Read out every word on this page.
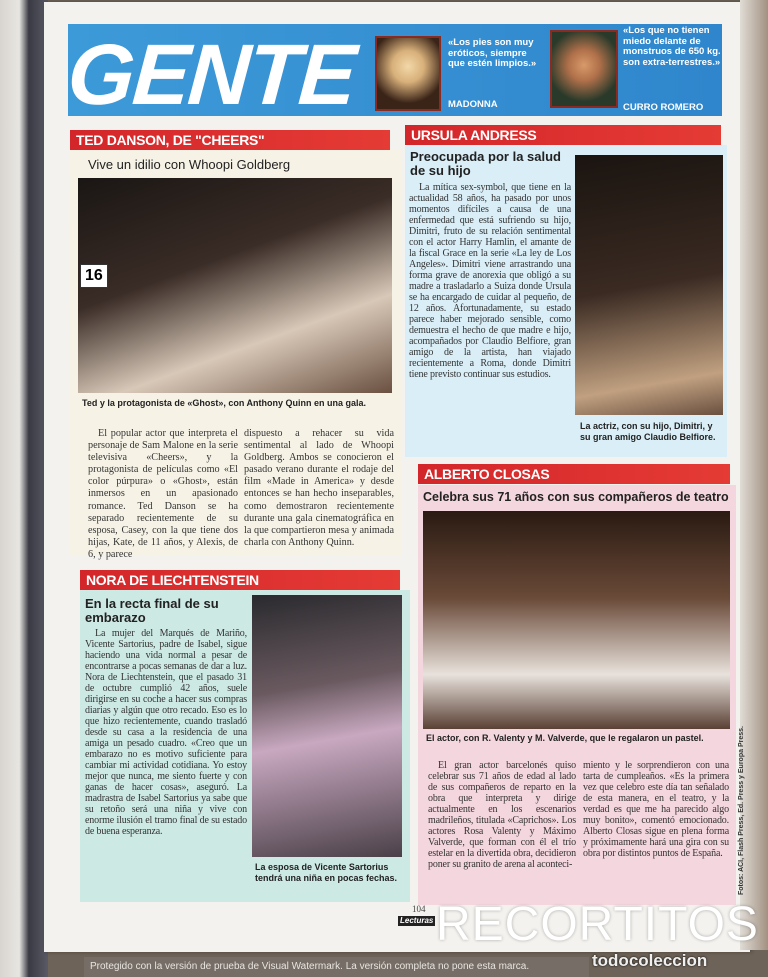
GENTE	«Los pies son muy eróticos, siempre que estén limpios.»
MADONNA
«Los que no tienen miedo delante de monstruos de 650 kg. son extra-terrestres.»
CURRO ROMERO
TED DANSON, DE "CHEERS"
Vive un idilio con Whoopi Goldberg
16
Ted y la protagonista de «Ghost», con Anthony Quinn en una gala.
El popular actor que interpreta el personaje de Sam Malone en la serie televisiva «Cheers», y la protagonista de películas como «El color púrpura» o «Ghost», están inmersos en un apasionado romance. Ted Danson se ha separado recientemente de su esposa, Casey, con la que tiene dos hijas, Kate, de 11 años, y Alexis, de 6, y parece
dispuesto a rehacer su vida sentimental al lado de Whoopi Goldberg. Ambos se conocieron el pasado verano durante el rodaje del film «Made in America» y desde entonces se han hecho inseparables, como demostraron recientemente durante una gala cinematográfica en la que compartieron mesa y animada charla con Anthony Quinn.
URSULA ANDRESS
Preocupada por la salud de su hijo
La mítica sex-symbol, que tiene en la actualidad 58 años, ha pasado por unos momentos difíciles a causa de una enfermedad que está sufriendo su hijo, Dimitri, fruto de su relación sentimental con el actor Harry Hamlin, el amante de la fiscal Grace en la serie «La ley de Los Angeles». Dimitri viene arrastrando una forma grave de anorexia que obligó a su madre a trasladarlo a Suiza donde Ursula se ha encargado de cuidar al pequeño, de 12 años. Afortunadamente, su estado parece haber mejorado sensible, como demuestra el hecho de que madre e hijo, acompañados por Claudio Belfiore, gran amigo de la artista, han viajado recientemente a Roma, donde Dimitri tiene previsto continuar sus estudios.
La actriz, con su hijo, Dimitri, y su gran amigo Claudio Belfiore.
ALBERTO CLOSAS
Celebra sus 71 años con sus compañeros de teatro
El actor, con R. Valenty y M. Valverde, que le regalaron un pastel.
El gran actor barcelonés quiso celebrar sus 71 años de edad al lado de sus compañeros de reparto en la obra que interpreta y dirige actualmente en los escenarios madrileños, titulada «Caprichos». Los actores Rosa Valenty y Máximo Valverde, que forman con él el trío estelar en la divertida obra, decidieron poner su granito de arena al aconteci-
miento y le sorprendieron con una tarta de cumpleaños. «Es la primera vez que celebro este día tan señalado de esta manera, en el teatro, y la verdad es que me ha parecido algo muy bonito», comentó emocionado. Alberto Closas sigue en plena forma y próximamente hará una gira con su obra por distintos puntos de España.	Fotos: ACI, Flash Press, Ed. Press y Europa Press.
NORA DE LIECHTENSTEIN
En la recta final de su embarazo
La mujer del Marqués de Mariño, Vicente Sartorius, padre de Isabel, sigue haciendo una vida normal a pesar de encontrarse a pocas semanas de dar a luz. Nora de Liechtenstein, que el pasado 31 de octubre cumplió 42 años, suele dirigirse en su coche a hacer sus compras diarias y algún que otro recado. Eso es lo que hizo recientemente, cuando trasladó desde su casa a la residencia de una amiga un pesado cuadro. «Creo que un embarazo no es motivo suficiente para cambiar mi actividad cotidiana. Yo estoy mejor que nunca, me siento fuerte y con ganas de hacer cosas», aseguró. La madrastra de Isabel Sartorius ya sabe que su retoño será una niña y vive con enorme ilusión el tramo final de su estado de buena esperanza.
La esposa de Vicente Sartorius tendrá una niña en pocas fechas.
104
Lecturas RECORTITOS
todocoleccion
Protegido con la versión de prueba de Visual Watermark. La versión completa no pone esta marca.
